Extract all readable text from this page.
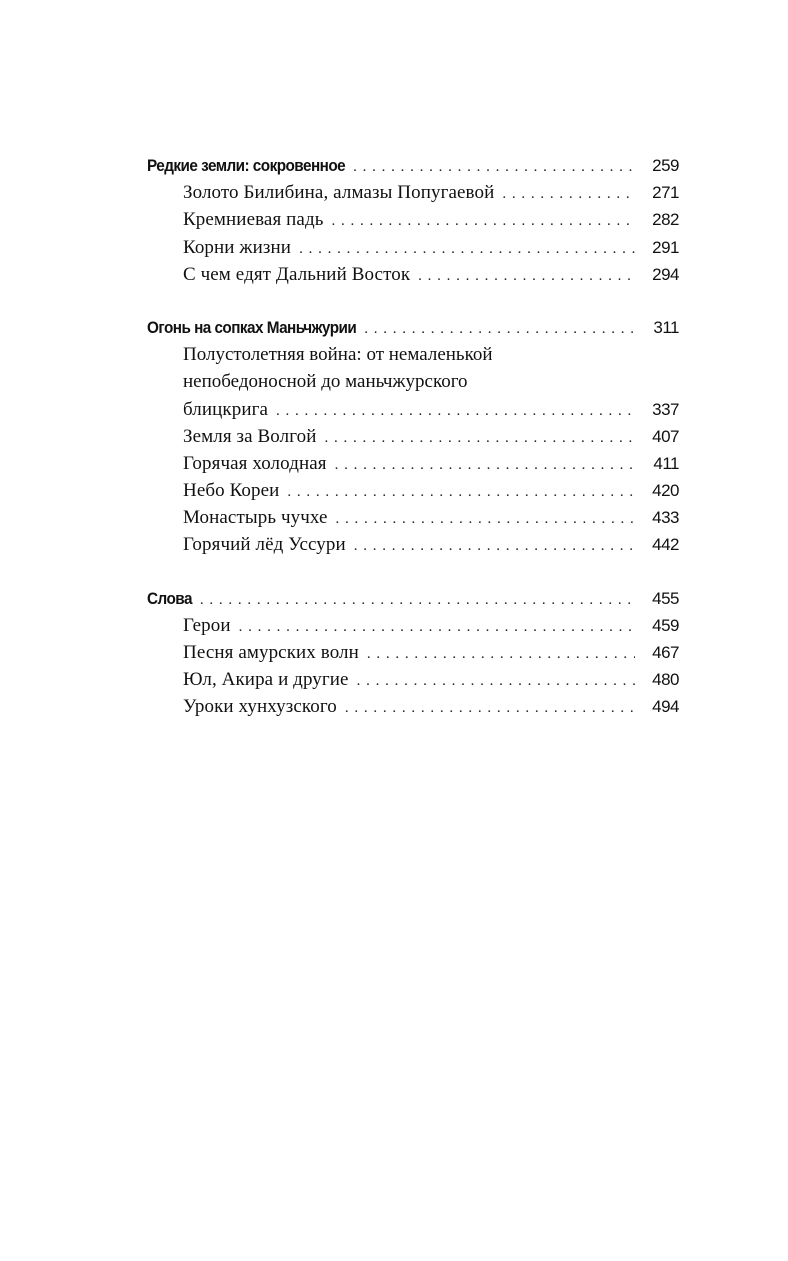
Редкие земли: сокровенное . . .	259
Золото Билибина, алмазы Попугаевой . . .	271
Кремниевая падь . . .	282
Корни жизни . . .	291
С чем едят Дальний Восток . . .	294
Огонь на сопках Маньчжурии . . .	311
Полустолетняя война: от немаленькой
непобедоносной до маньчжурского
блицкрига . . .	337
Земля за Волгой . . .	407
Горячая холодная . . .	411
Небо Кореи . . .	420
Монастырь чучхе . . .	433
Горячий лёд Уссури . . .	442
Слова . . .	455
Герои . . .	459
Песня амурских волн . . .	467
Юл, Акира и другие . . .	480
Уроки хунхузского . . .	494
